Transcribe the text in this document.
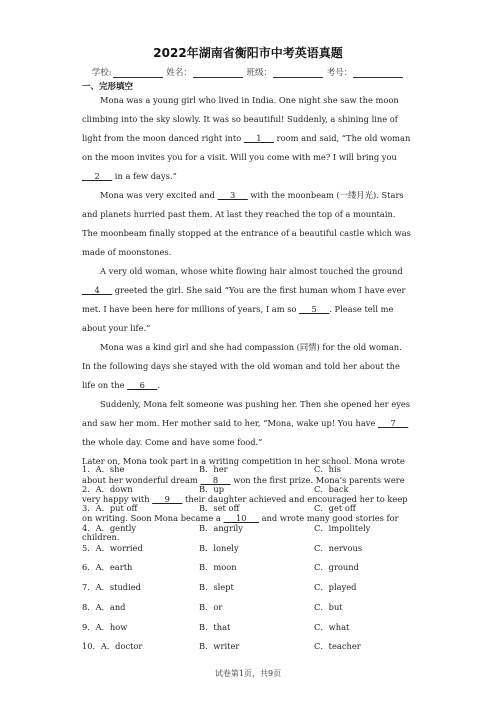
2022年湖南省衡阳市中考英语真题
学校:	姓名：	班级：	考号：
一、完形填空

Mona was a young girl who lived in India. One night she saw the moon climbing into the sky slowly. It was so beautiful! Suddenly, a shining line of light from the moon danced right into ___1___ room and said, “The old woman on the moon invites you for a visit. Will you come with me? I will bring you ___2___ in a few days.”

Mona was very excited and ___3___ with the moonbeam (一缕月光). Stars and planets hurried past them. At last they reached the top of a mountain. The moonbeam finally stopped at the entrance of a beautiful castle which was made of moonstones.

A very old woman, whose white flowing hair almost touched the ground ___4___ greeted the girl. She said “You are the first human whom I have ever met. I have been here for millions of years, I am so ___5___. Please tell me about your life.”

Mona was a kind girl and she had compassion (同情) for the old woman. In the following days she stayed with the old woman and told her about the life on the ___6___.

Suddenly, Mona felt someone was pushing her. Then she opened her eyes and saw her mom. Her mother said to her, “Mona, wake up! You have ___7___ the whole day. Come and have some food.”

Later on, Mona took part in a writing competition in her school. Mona wrote about her wonderful dream ___8___ won the first prize. Mona’s parents were very happy with ___9___ their daughter achieved and encouraged her to keep on writing. Soon Mona became a ___10___ and wrote many good stories for children.

1．A．she	B．her	C．his
2．A．down	B．up	C．back
3．A．put off	B．set off	C．get off
4．A．gently	B．angrily	C．impolitely
5．A．worried	B．lonely	C．nervous
6．A．earth	B．moon	C．ground
7．A．studied	B．slept	C．played
8．A．and	B．or	C．but
9．A．how	B．that	C．what
10．A．doctor	B．writer	C．teacher
试卷第1页，共9页
